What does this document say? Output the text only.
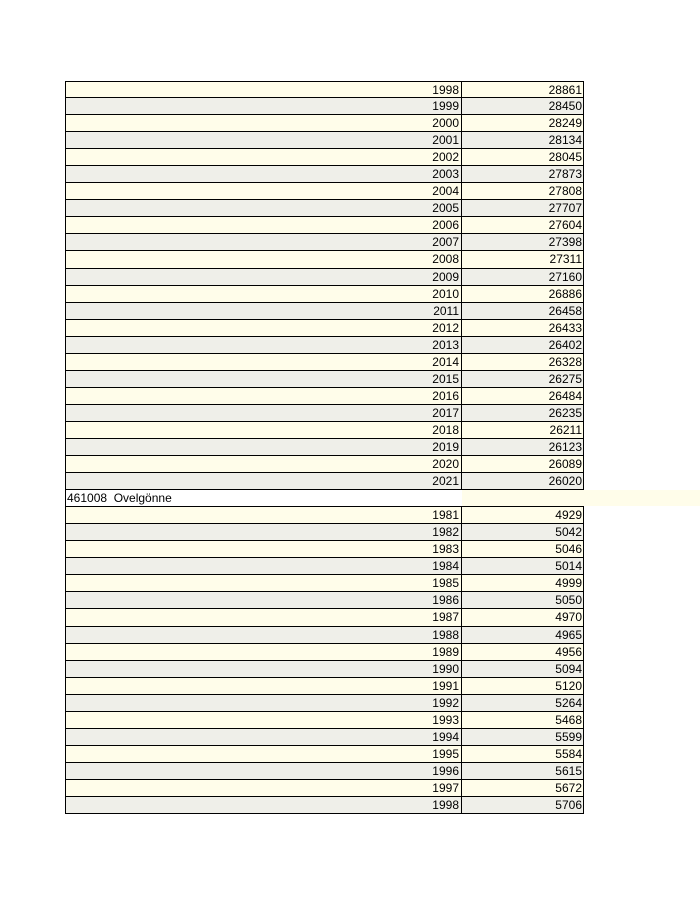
1998	28861
1999	28450
2000	28249
2001	28134
2002	28045
2003	27873
2004	27808
2005	27707
2006	27604
2007	27398
2008	27311
2009	27160
2010	26886
2011	26458
2012	26433
2013	26402
2014	26328
2015	26275
2016	26484
2017	26235
2018	26211
2019	26123
2020	26089
2021	26020
461008  Ovelgönne
1981	4929
1982	5042
1983	5046
1984	5014
1985	4999
1986	5050
1987	4970
1988	4965
1989	4956
1990	5094
1991	5120
1992	5264
1993	5468
1994	5599
1995	5584
1996	5615
1997	5672
1998	5706
